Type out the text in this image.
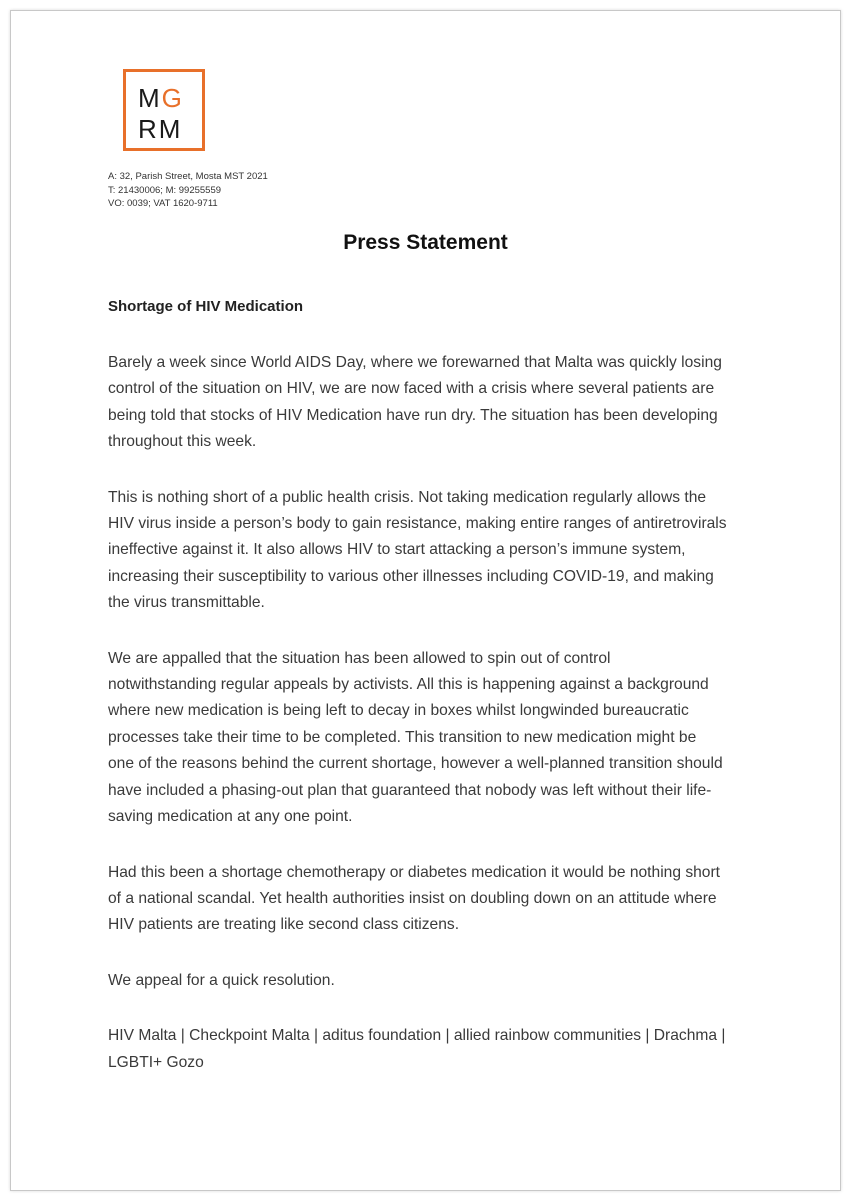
MG
RM
A: 32, Parish Street, Mosta MST 2021
T: 21430006; M: 99255559
VO: 0039; VAT 1620-9711
Press Statement
Shortage of HIV Medication
Barely a week since World AIDS Day, where we forewarned that Malta was quickly losing
control of the situation on HIV, we are now faced with a crisis where several patients are
being told that stocks of HIV Medication have run dry. The situation has been developing
throughout this week.
This is nothing short of a public health crisis. Not taking medication regularly allows the
HIV virus inside a person’s body to gain resistance, making entire ranges of antiretrovirals
ineffective against it. It also allows HIV to start attacking a person’s immune system,
increasing their susceptibility to various other illnesses including COVID-19, and making
the virus transmittable.
We are appalled that the situation has been allowed to spin out of control
notwithstanding regular appeals by activists. All this is happening against a background
where new medication is being left to decay in boxes whilst longwinded bureaucratic
processes take their time to be completed. This transition to new medication might be
one of the reasons behind the current shortage, however a well-planned transition should
have included a phasing-out plan that guaranteed that nobody was left without their life-
saving medication at any one point.
Had this been a shortage chemotherapy or diabetes medication it would be nothing short
of a national scandal. Yet health authorities insist on doubling down on an attitude where
HIV patients are treating like second class citizens.
We appeal for a quick resolution.
HIV Malta | Checkpoint Malta | aditus foundation | allied rainbow communities | Drachma |
LGBTI+ Gozo
